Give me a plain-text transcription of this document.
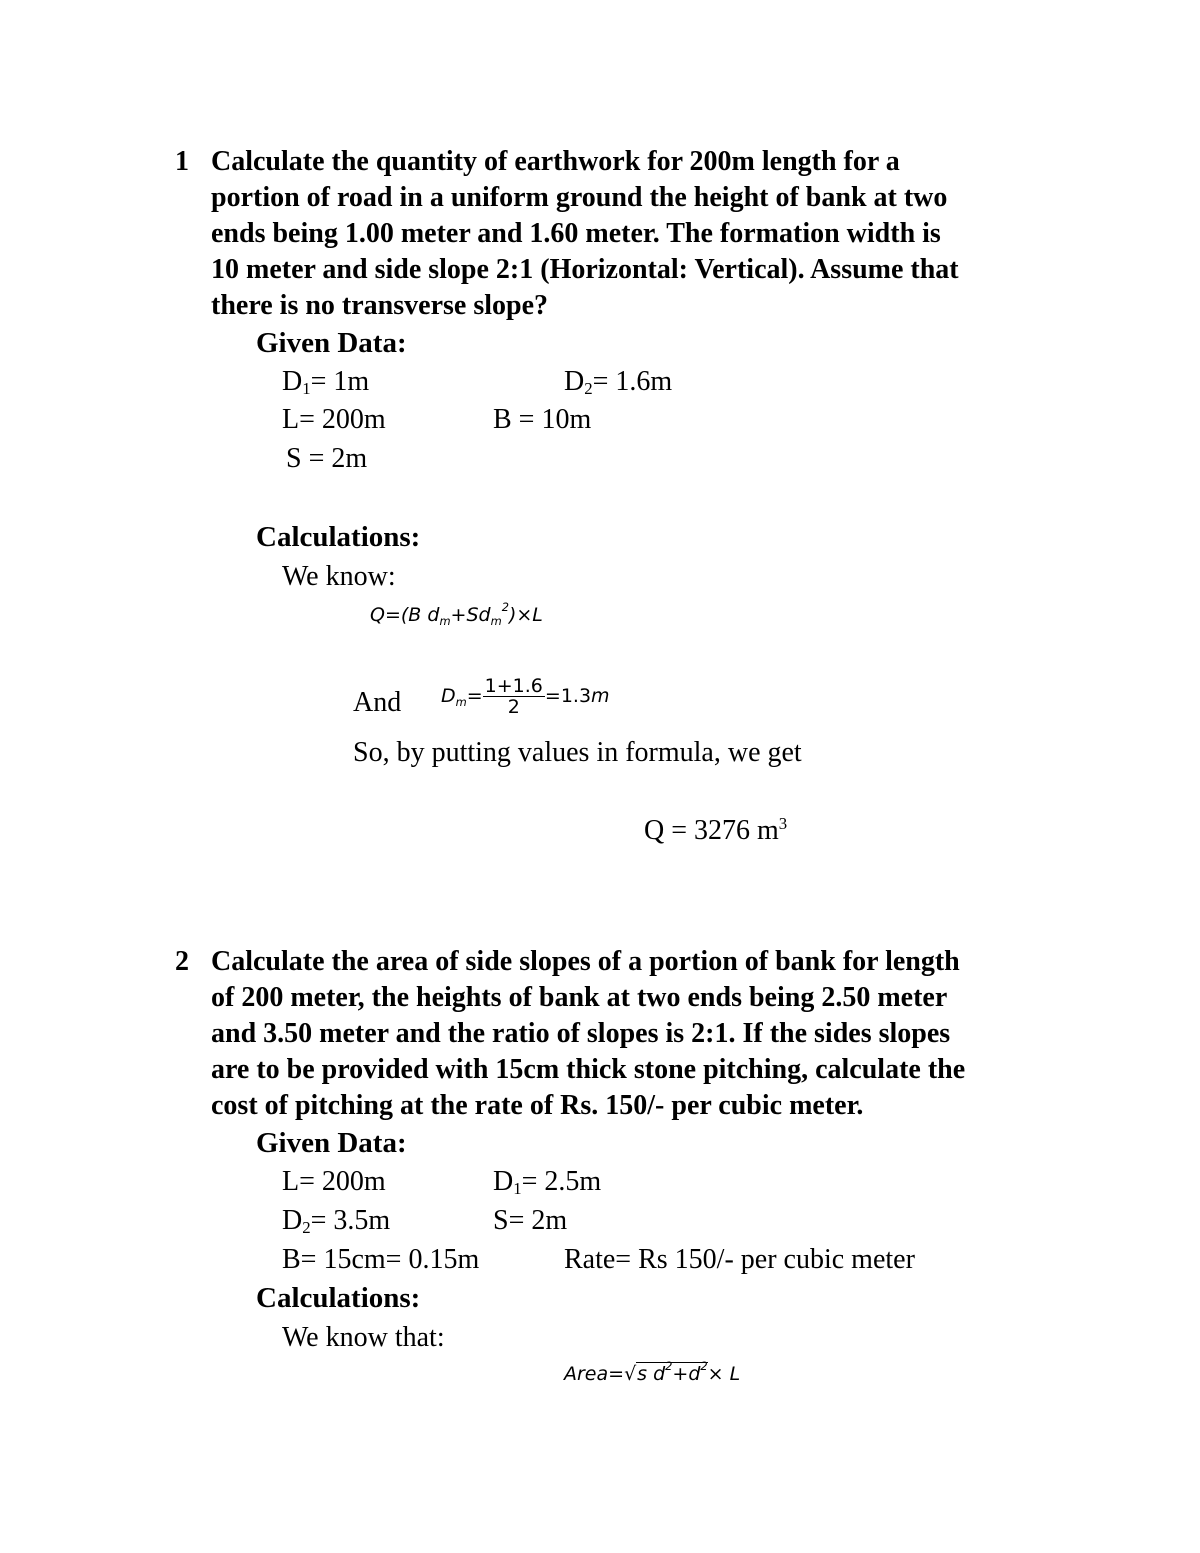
1 Calculate the quantity of earthwork for 200m length for a
portion of road in a uniform ground the height of bank at two
ends being 1.00 meter and 1.60 meter. The formation width is
10 meter and side slope 2:1 (Horizontal: Vertical). Assume that
there is no transverse slope?
Given Data:
$D_1= 1m$	$D_2= 1.6m$
L= 200m	B = 10m
S = 2m
Calculations:
We know:
Q=(B $d_m+Sd_m^2)\times L$
And $D_m= \frac{1+1.6}{2} =1.3m$
So, by putting values in formula, we get
Q = 3276 $m^3$
2 Calculate the area of side slopes of a portion of bank for length
of 200 meter, the heights of bank at two ends being 2.50 meter
and 3.50 meter and the ratio of slopes is 2:1. If the sides slopes
are to be provided with 15cm thick stone pitching, calculate the
cost of pitching at the rate of Rs. 150/- per cubic meter.
Given Data:
L= 200m	$D_1= 2.5m$
$D_2= 3.5m$	S= 2m
B= 15cm= 0.15m	Rate= Rs 150/- per cubic meter
Calculations:
We know that:
Area=√s $d^2+d^2\times L$
